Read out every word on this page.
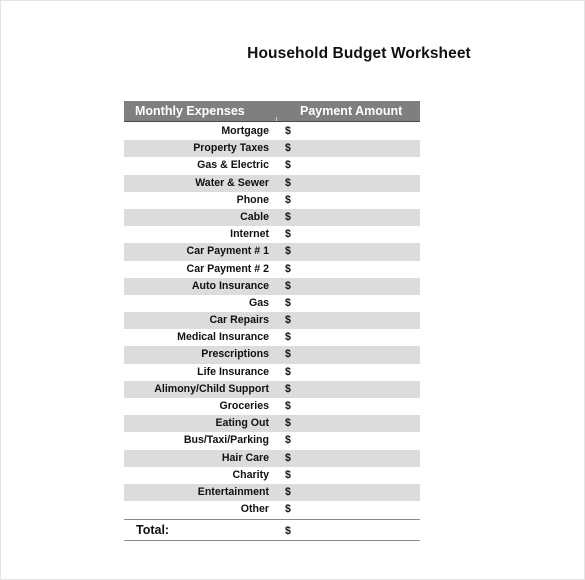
Household Budget Worksheet
Monthly Expenses	Payment Amount
Mortgage $
Property Taxes $
Gas & Electric $
Water & Sewer $
Phone $
Cable $
Internet $
Car Payment # 1 $
Car Payment # 2 $
Auto Insurance $
Gas $
Car Repairs $
Medical Insurance $
Prescriptions $
Life Insurance $
Alimony/Child Support $
Groceries $
Eating Out $
Bus/Taxi/Parking $
Hair Care $
Charity $
Entertainment $
Other $
Total:	$
